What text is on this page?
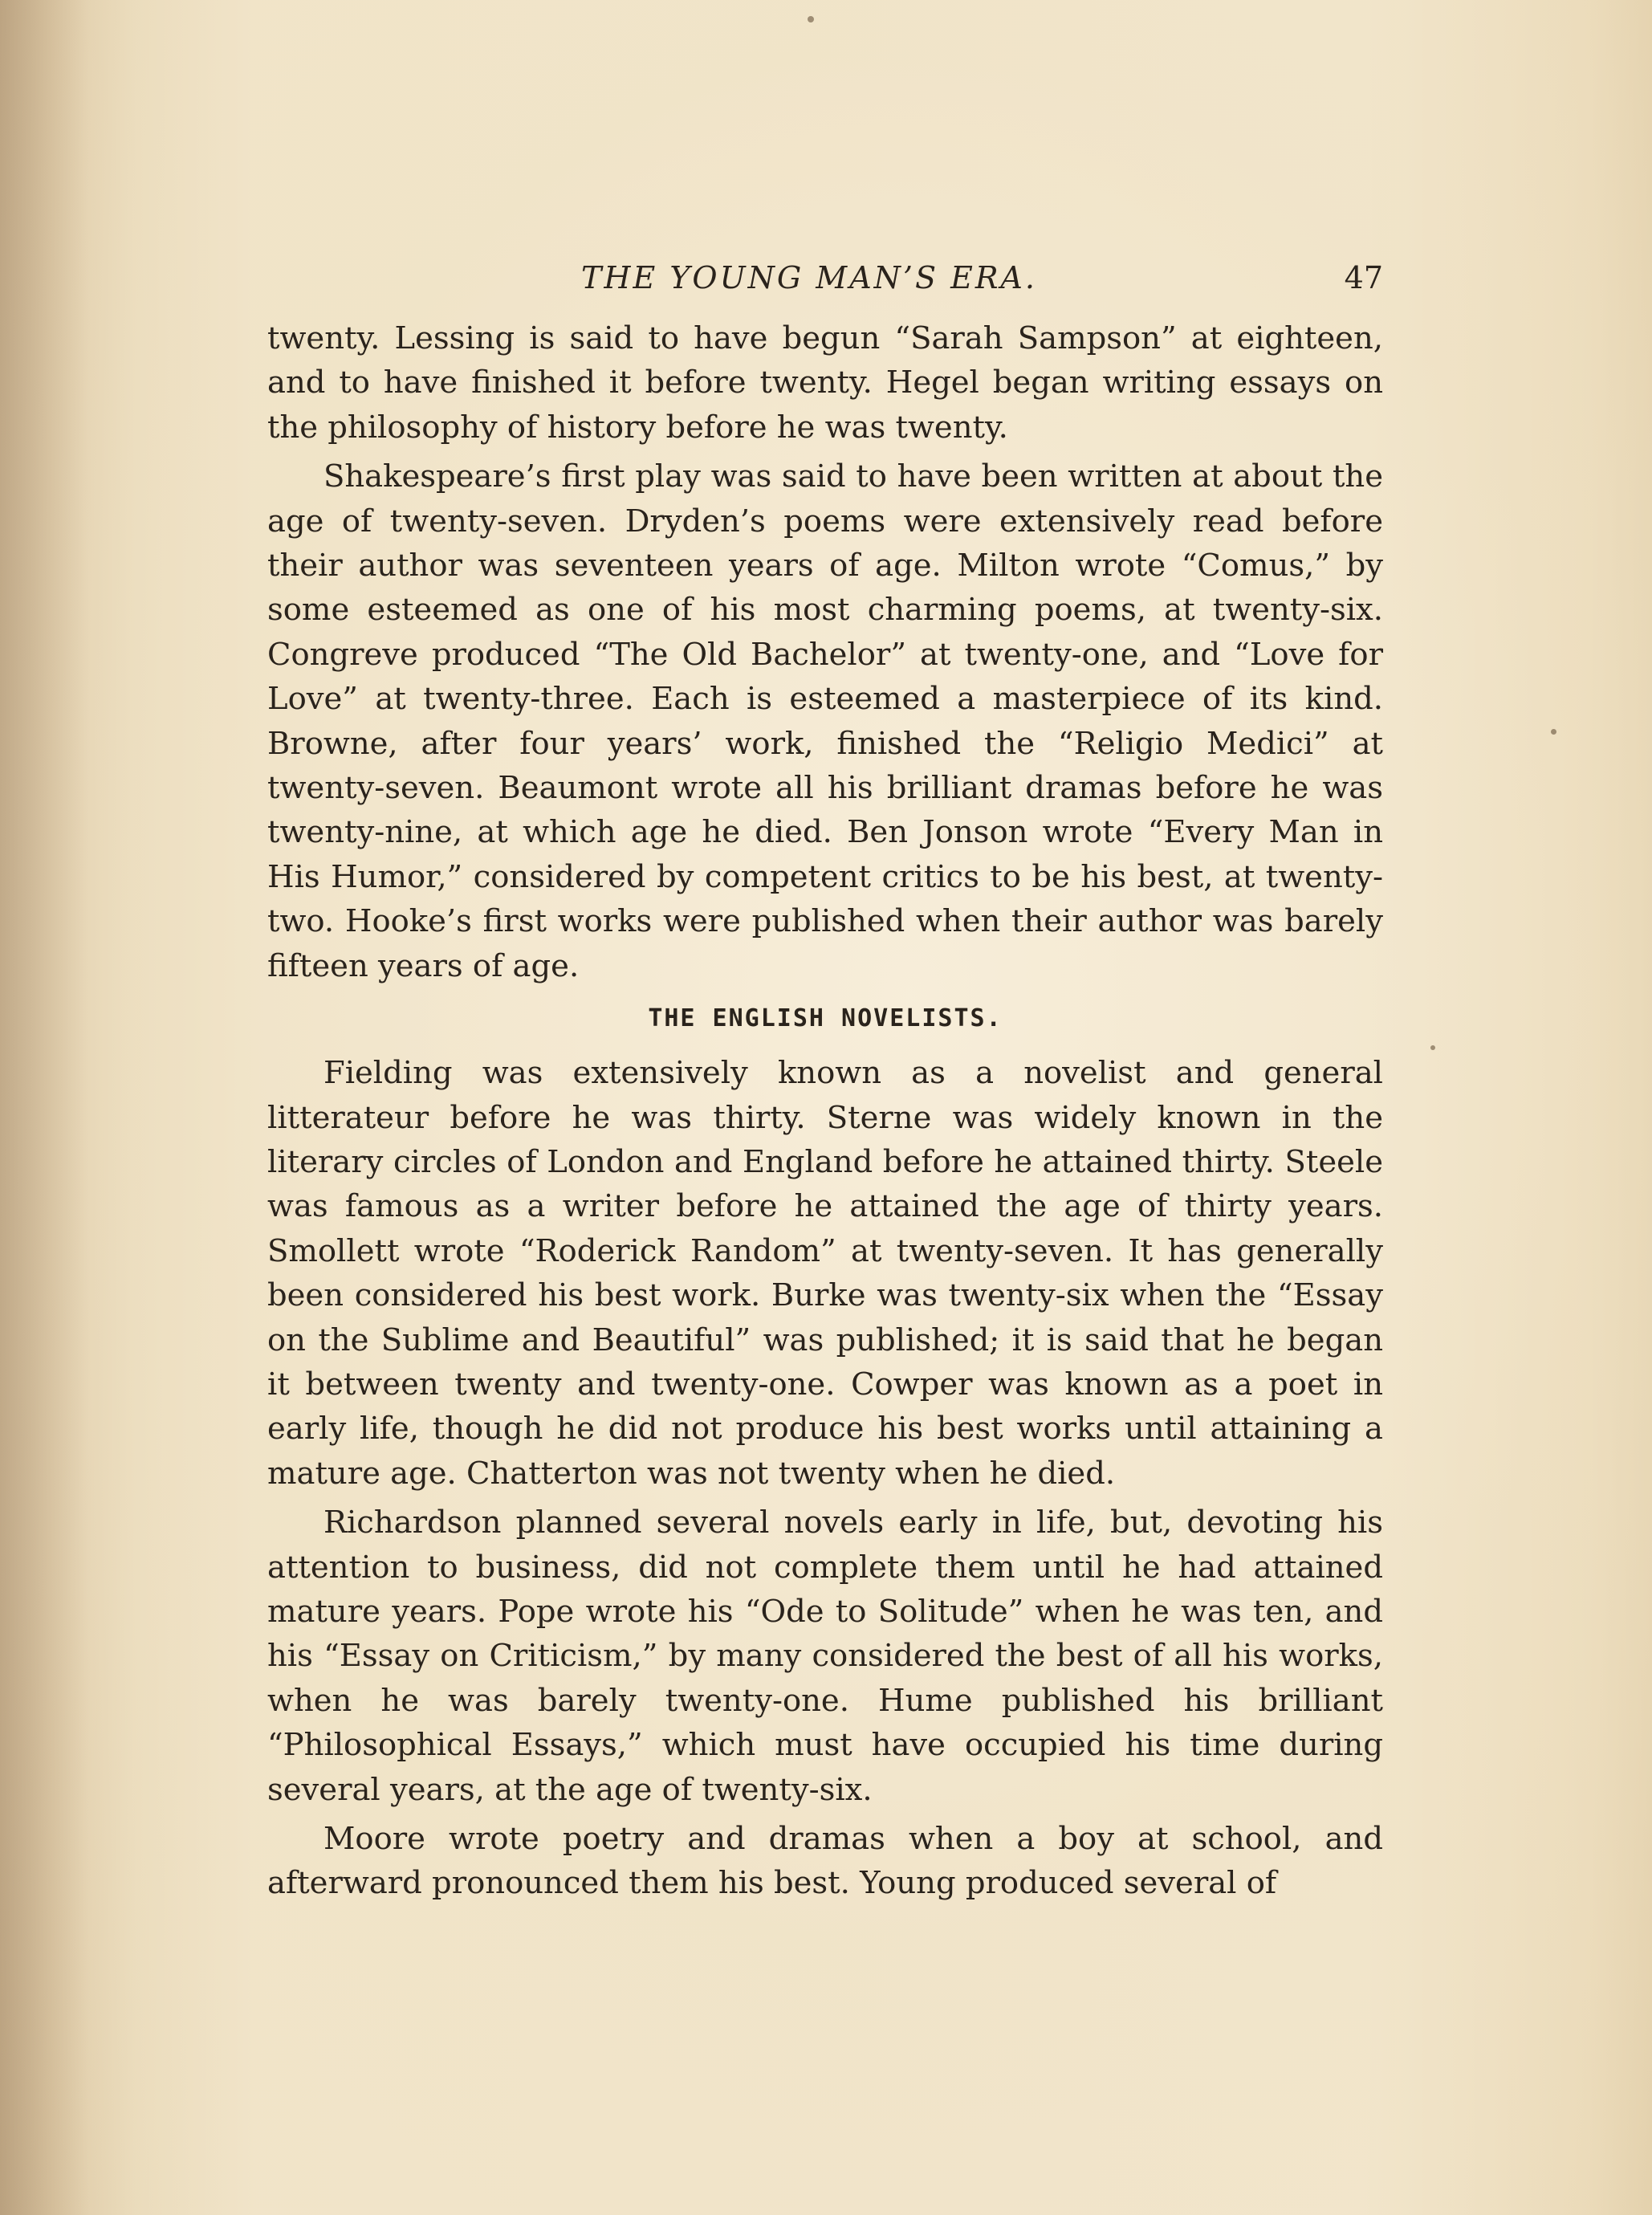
THE YOUNG MAN’S ERA.	47

twenty. Lessing is said to have begun “Sarah Sampson” at eighteen, and to have finished it before twenty. Hegel began writing essays on the philosophy of history before he was twenty.

Shakespeare’s first play was said to have been written at about the age of twenty-seven. Dryden’s poems were extensively read before their author was seventeen years of age. Milton wrote “Comus,” by some esteemed as one of his most charming poems, at twenty-six. Congreve produced “The Old Bachelor” at twenty-one, and “Love for Love” at twenty-three. Each is esteemed a masterpiece of its kind. Browne, after four years’ work, finished the “Religio Medici” at twenty-seven. Beaumont wrote all his brilliant dramas before he was twenty-nine, at which age he died. Ben Jonson wrote “Every Man in His Humor,” considered by competent critics to be his best, at twenty-two. Hooke’s first works were published when their author was barely fifteen years of age.

THE ENGLISH NOVELISTS.

Fielding was extensively known as a novelist and general litterateur before he was thirty. Sterne was widely known in the literary circles of London and England before he attained thirty. Steele was famous as a writer before he attained the age of thirty years. Smollett wrote “Roderick Random” at twenty-seven. It has generally been considered his best work. Burke was twenty-six when the “Essay on the Sublime and Beautiful” was published; it is said that he began it between twenty and twenty-one. Cowper was known as a poet in early life, though he did not produce his best works until attaining a mature age. Chatterton was not twenty when he died.

Richardson planned several novels early in life, but, devoting his attention to business, did not complete them until he had attained mature years. Pope wrote his “Ode to Solitude” when he was ten, and his “Essay on Criticism,” by many considered the best of all his works, when he was barely twenty-one. Hume published his brilliant “Philosophical Essays,” which must have occupied his time during several years, at the age of twenty-six.

Moore wrote poetry and dramas when a boy at school, and afterward pronounced them his best. Young produced several of
